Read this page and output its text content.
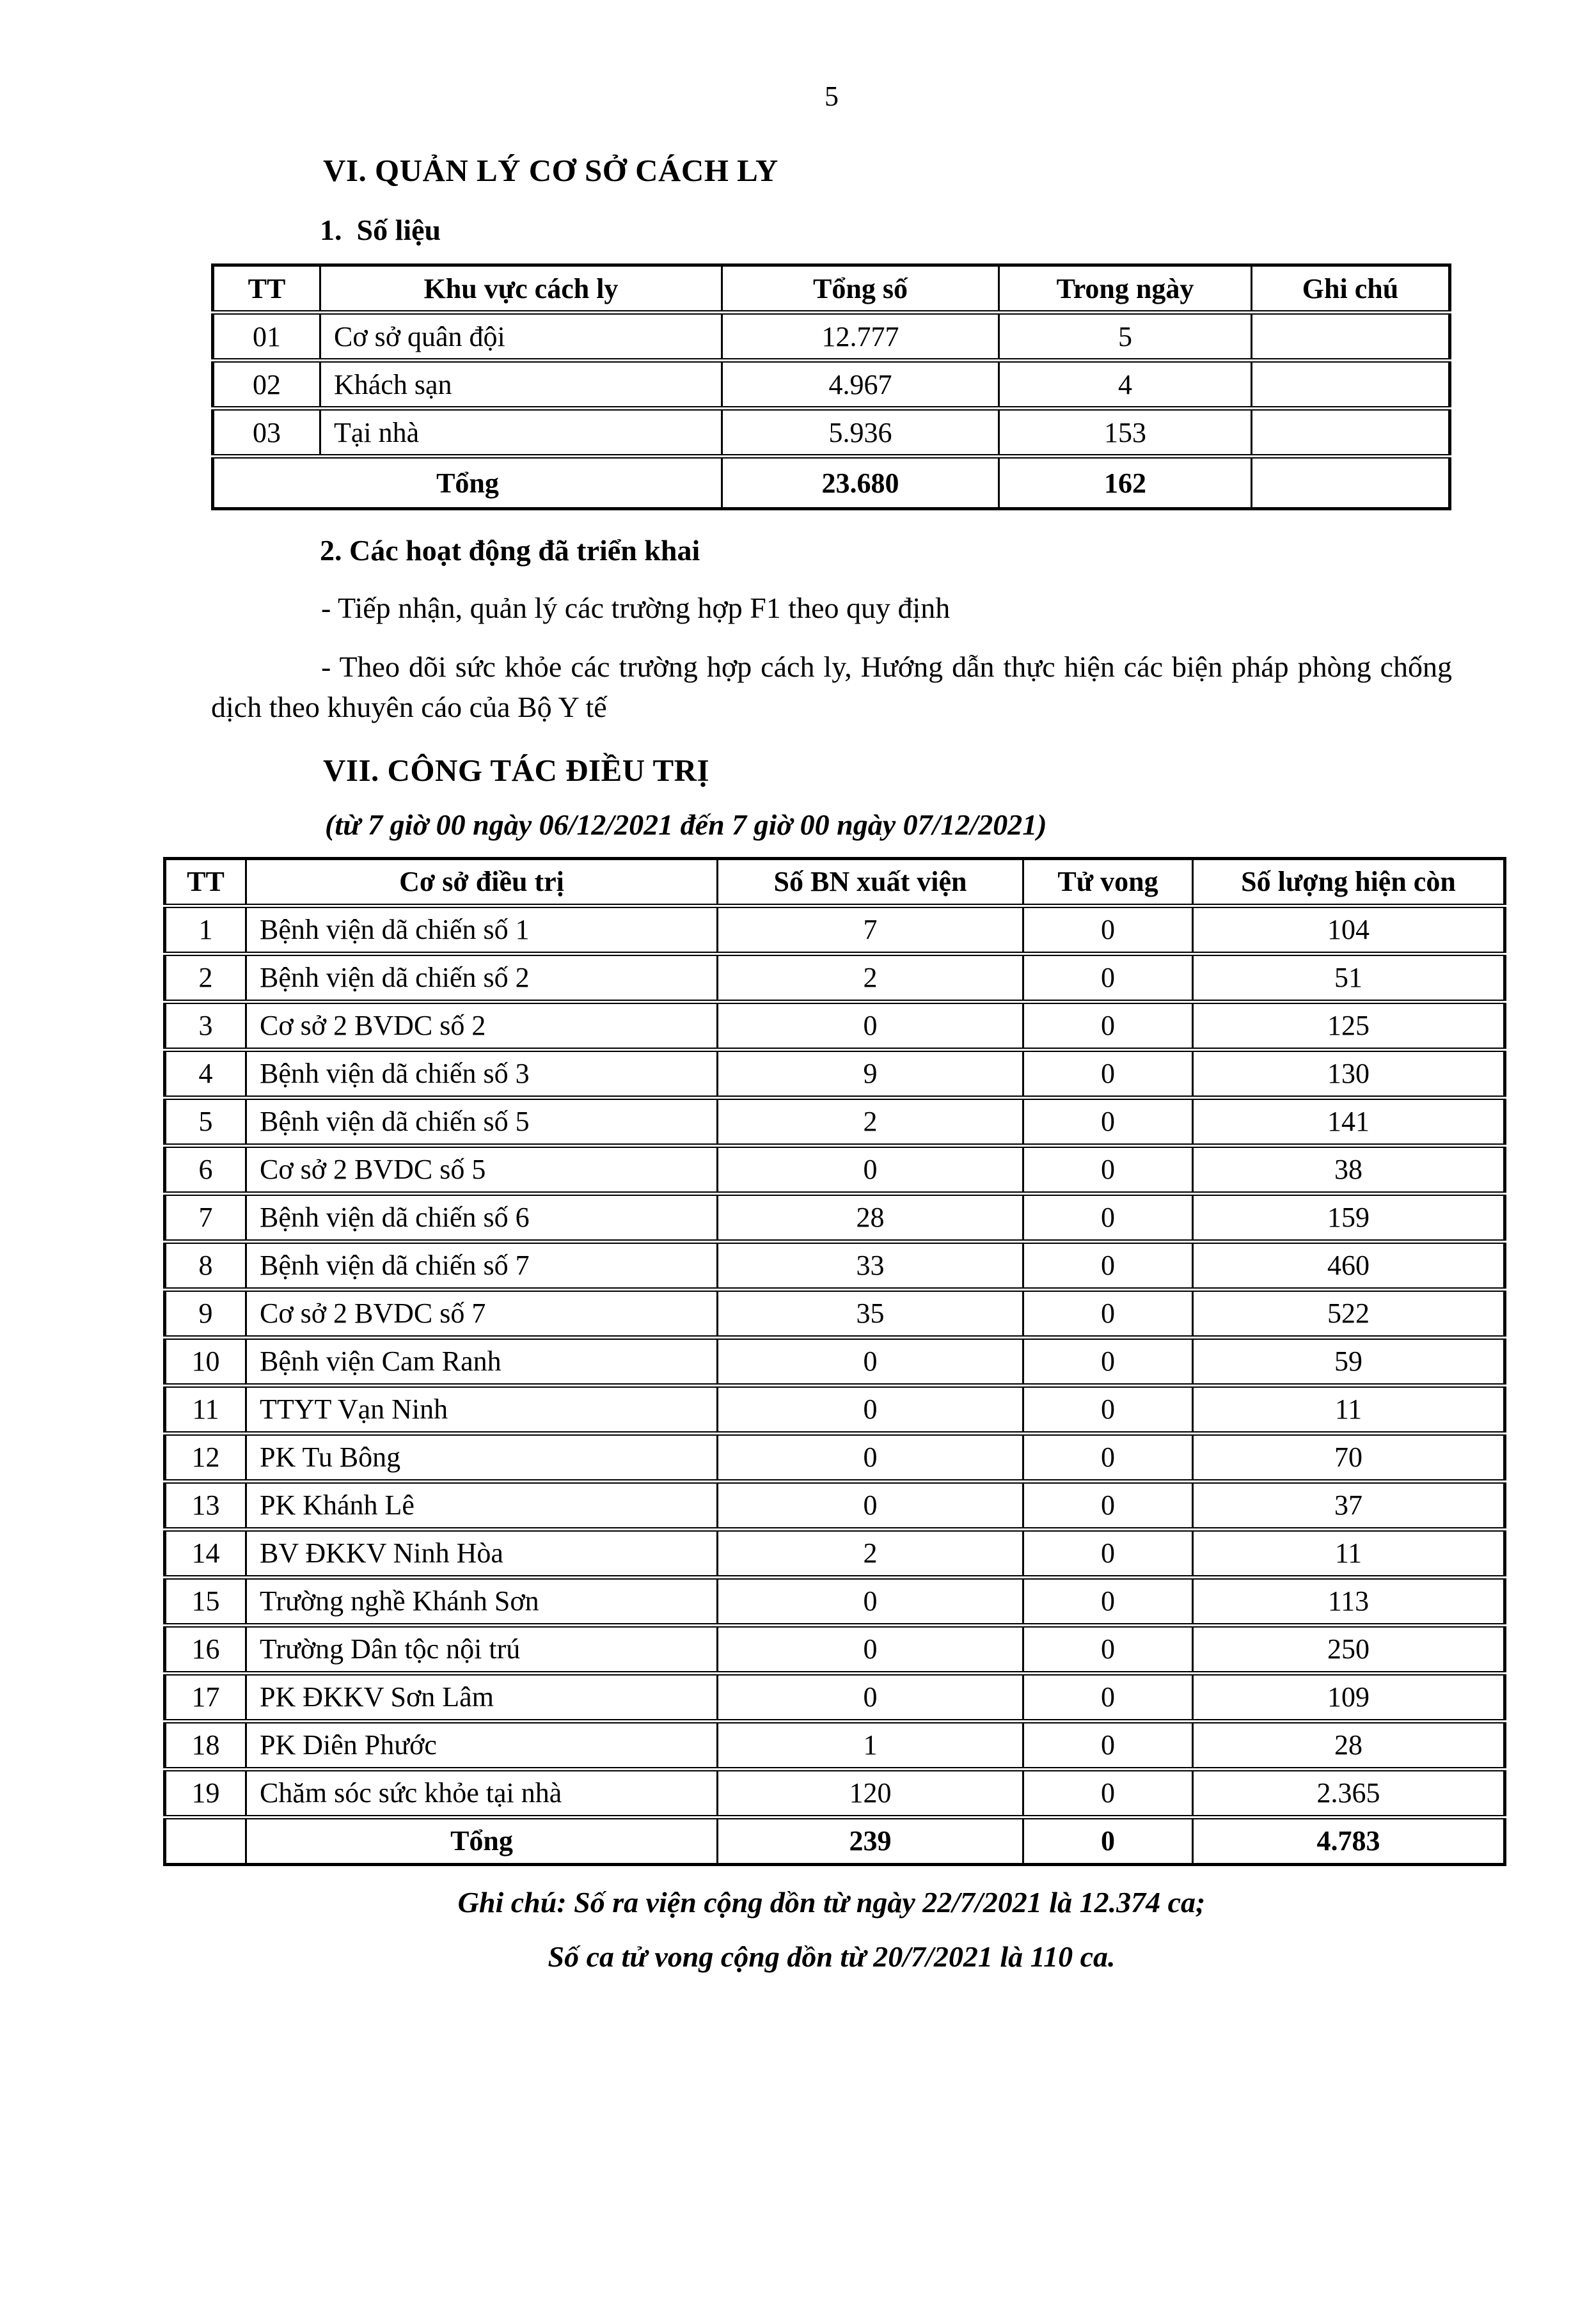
5
VI. QUẢN LÝ CƠ SỞ CÁCH LY
1.  Số liệu
TT	Khu vực cách ly	Tổng số	Trong ngày	Ghi chú
01	Cơ sở quân đội	12.777	5	
02	Khách sạn	4.967	4	
03	Tại nhà	5.936	153	
Tổng		23.680	162	
2. Các hoạt động đã triển khai

- Tiếp nhận, quản lý các trường hợp F1 theo quy định

- Theo dõi sức khỏe các trường hợp cách ly, Hướng dẫn thực hiện các biện pháp phòng chống dịch theo khuyên cáo của Bộ Y tế

VII. CÔNG TÁC ĐIỀU TRỊ
(từ 7 giờ 00 ngày 06/12/2021 đến 7 giờ 00 ngày 07/12/2021)
TT	Cơ sở điều trị	Số BN xuất viện	Tử vong	Số lượng hiện còn
1	Bệnh viện dã chiến số 1	7	0	104
2	Bệnh viện dã chiến số 2	2	0	51
3	Cơ sở 2 BVDC số 2	0	0	125
4	Bệnh viện dã chiến số 3	9	0	130
5	Bệnh viện dã chiến số 5	2	0	141
6	Cơ sở 2 BVDC số 5	0	0	38
7	Bệnh viện dã chiến số 6	28	0	159
8	Bệnh viện dã chiến số 7	33	0	460
9	Cơ sở 2 BVDC số 7	35	0	522
10	Bệnh viện Cam Ranh	0	0	59
11	TTYT Vạn Ninh	0	0	11
12	PK Tu Bông	0	0	70
13	PK Khánh Lê	0	0	37
14	BV ĐKKV Ninh Hòa	2	0	11
15	Trường nghề Khánh Sơn	0	0	113
16	Trường Dân tộc nội trú	0	0	250
17	PK ĐKKV Sơn Lâm	0	0	109
18	PK Diên Phước	1	0	28
19	Chăm sóc sức khỏe tại nhà	120	0	2.365
	Tổng	239	0	4.783
Ghi chú: Số ra viện cộng dồn từ ngày 22/7/2021 là 12.374 ca;
Số ca tử vong cộng dồn từ 20/7/2021 là 110 ca.
